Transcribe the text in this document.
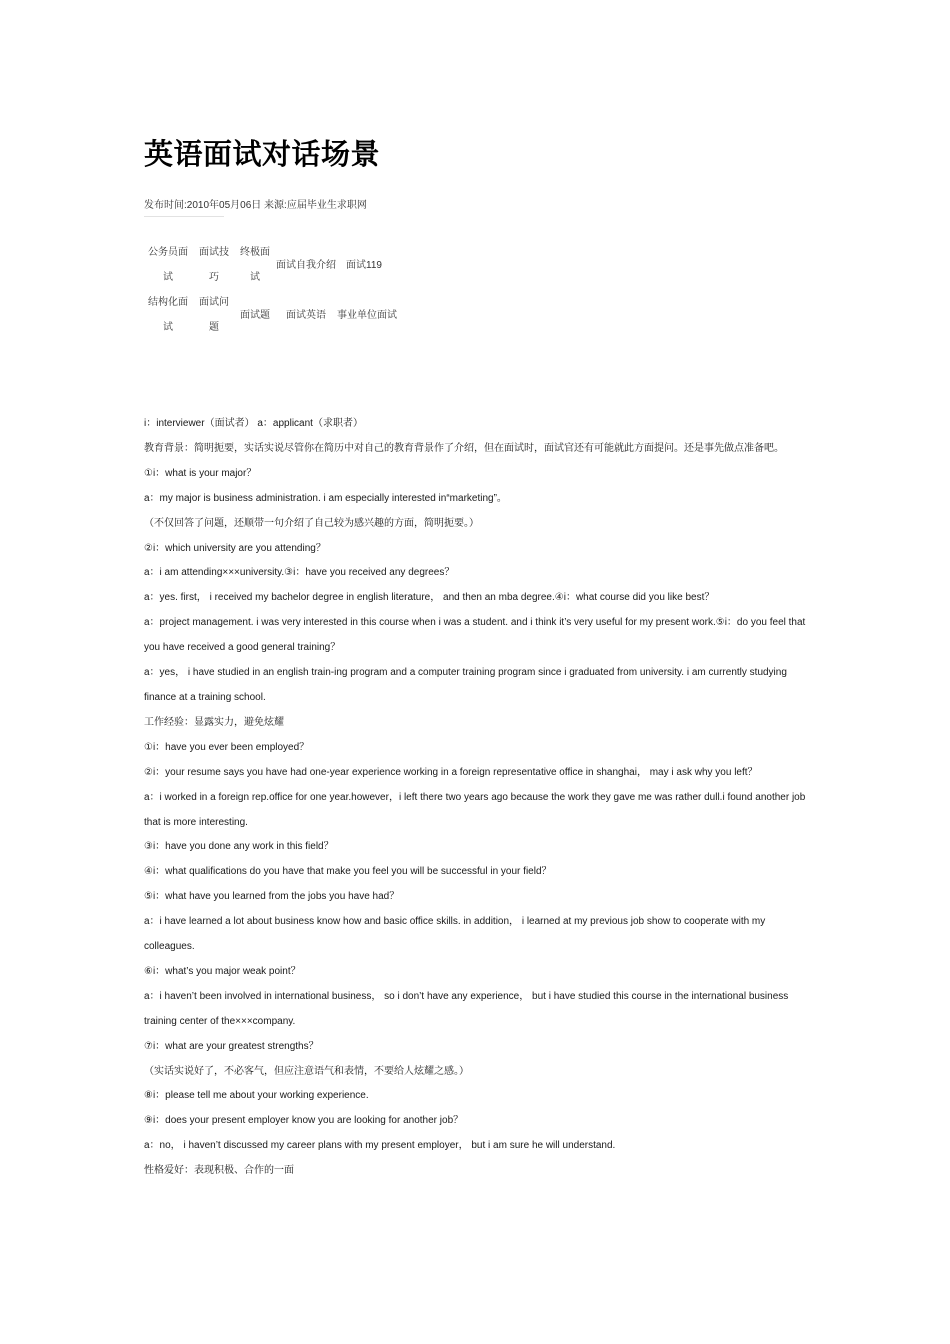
英语面试对话场景
发布时间:2010年05月06日 来源:应届毕业生求职网
公务员面
试
面试技
巧
终极面
试
面试自我介绍 面试119
结构化面
试
面试问
题
面试题 面试英语 事业单位面试

i：interviewer（面试者） a：applicant（求职者）

教育背景：简明扼要，实话实说尽管你在简历中对自己的教育背景作了介绍，但在面试时，面试官还有可能就此方面提问。还是事先做点准备吧。

①i：what is your major？

a：my major is business administration. i am especially interested in“marketing”。

（不仅回答了问题，还顺带一句介绍了自己较为感兴趣的方面，简明扼要。）

②i：which university are you attending？

a：i am attending×××university.③i：have you received any degrees？

a：yes. first， i received my bachelor degree in english literature， and then an mba degree.④i：what course did you like best？

a：project management. i was very interested in this course when i was a student. and i think it’s very useful for my present work.⑤i：do you feel that you have received a good general training？

a：yes， i have studied in an english train-ing program and a computer training program since i graduated from university. i am currently studying finance at a training school.

工作经验：显露实力，避免炫耀

①i：have you ever been employed？

②i：your resume says you have had one-year experience working in a foreign representative office in shanghai， may i ask why you left？

a：i worked in a foreign rep.office for one year.however，i left there two years ago because the work they gave me was rather dull.i found another job that is more interesting.

③i：have you done any work in this field？

④i：what qualifications do you have that make you feel you will be successful in your field？

⑤i：what have you learned from the jobs you have had？

a：i have learned a lot about business know how and basic office skills. in addition， i learned at my previous job show to cooperate with my colleagues.

⑥i：what’s you major weak point？

a：i haven’t been involved in international business， so i don’t have any experience， but i have studied this course in the international business training center of the×××company.

⑦i：what are your greatest strengths？

（实话实说好了，不必客气，但应注意语气和表情，不要给人炫耀之感。）

⑧i：please tell me about your working experience.

⑨i：does your present employer know you are looking for another job？

a：no， i haven’t discussed my career plans with my present employer， but i am sure he will understand.

性格爱好：表现积极、合作的一面
